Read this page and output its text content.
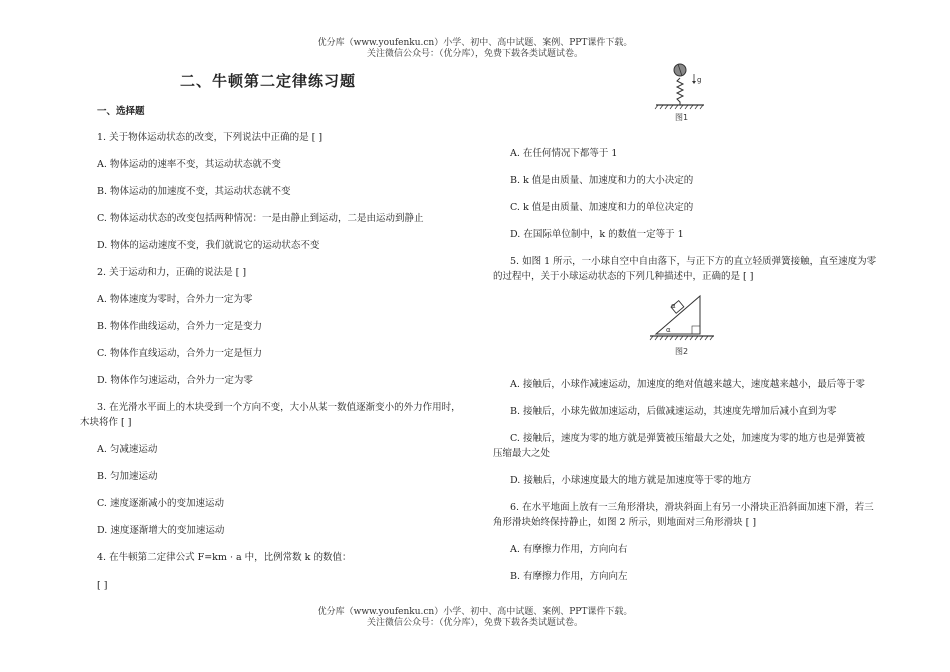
优分库（www.youfenku.cn）小学、初中、高中试题、案例、PPT课件下载。
关注微信公众号：（优分库），免费下载各类试题试卷。
二、牛顿第二定律练习题
一、选择题
1. 关于物体运动状态的改变，下列说法中正确的是 [ ]
A. 物体运动的速率不变，其运动状态就不变
B. 物体运动的加速度不变，其运动状态就不变
C. 物体运动状态的改变包括两种情况：一是由静止到运动，二是由运动到静止
D. 物体的运动速度不变，我们就说它的运动状态不变
2. 关于运动和力，正确的说法是 [ ]
A. 物体速度为零时，合外力一定为零
B. 物体作曲线运动，合外力一定是变力
C. 物体作直线运动，合外力一定是恒力
D. 物体作匀速运动，合外力一定为零
3. 在光滑水平面上的木块受到一个方向不变，大小从某一数值逐渐变小的外力作用时，
木块将作 [ ]
A. 匀减速运动
B. 匀加速运动
C. 速度逐渐减小的变加速运动
D. 速度逐渐增大的变加速运动
4. 在牛顿第二定律公式 F=km · a 中，比例常数 k 的数值：
[ ]
g
图1
A. 在任何情况下都等于 1
B. k 值是由质量、加速度和力的大小决定的
C. k 值是由质量、加速度和力的单位决定的
D. 在国际单位制中，k 的数值一定等于 1
5. 如图 1 所示，一小球自空中自由落下，与正下方的直立轻质弹簧接触，直至速度为零
的过程中，关于小球运动状态的下列几种描述中，正确的是 [ ]
α
α
图2
A. 接触后，小球作减速运动，加速度的绝对值越来越大，速度越来越小，最后等于零
B. 接触后，小球先做加速运动，后做减速运动，其速度先增加后减小直到为零
C. 接触后，速度为零的地方就是弹簧被压缩最大之处，加速度为零的地方也是弹簧被
压缩最大之处
D. 接触后，小球速度最大的地方就是加速度等于零的地方
6. 在水平地面上放有一三角形滑块，滑块斜面上有另一小滑块正沿斜面加速下滑，若三
角形滑块始终保持静止，如图 2 所示，则地面对三角形滑块 [ ]
A. 有摩擦力作用，方向向右
B. 有摩擦力作用，方向向左
优分库（www.youfenku.cn）小学、初中、高中试题、案例、PPT课件下载。
关注微信公众号：（优分库），免费下载各类试题试卷。
